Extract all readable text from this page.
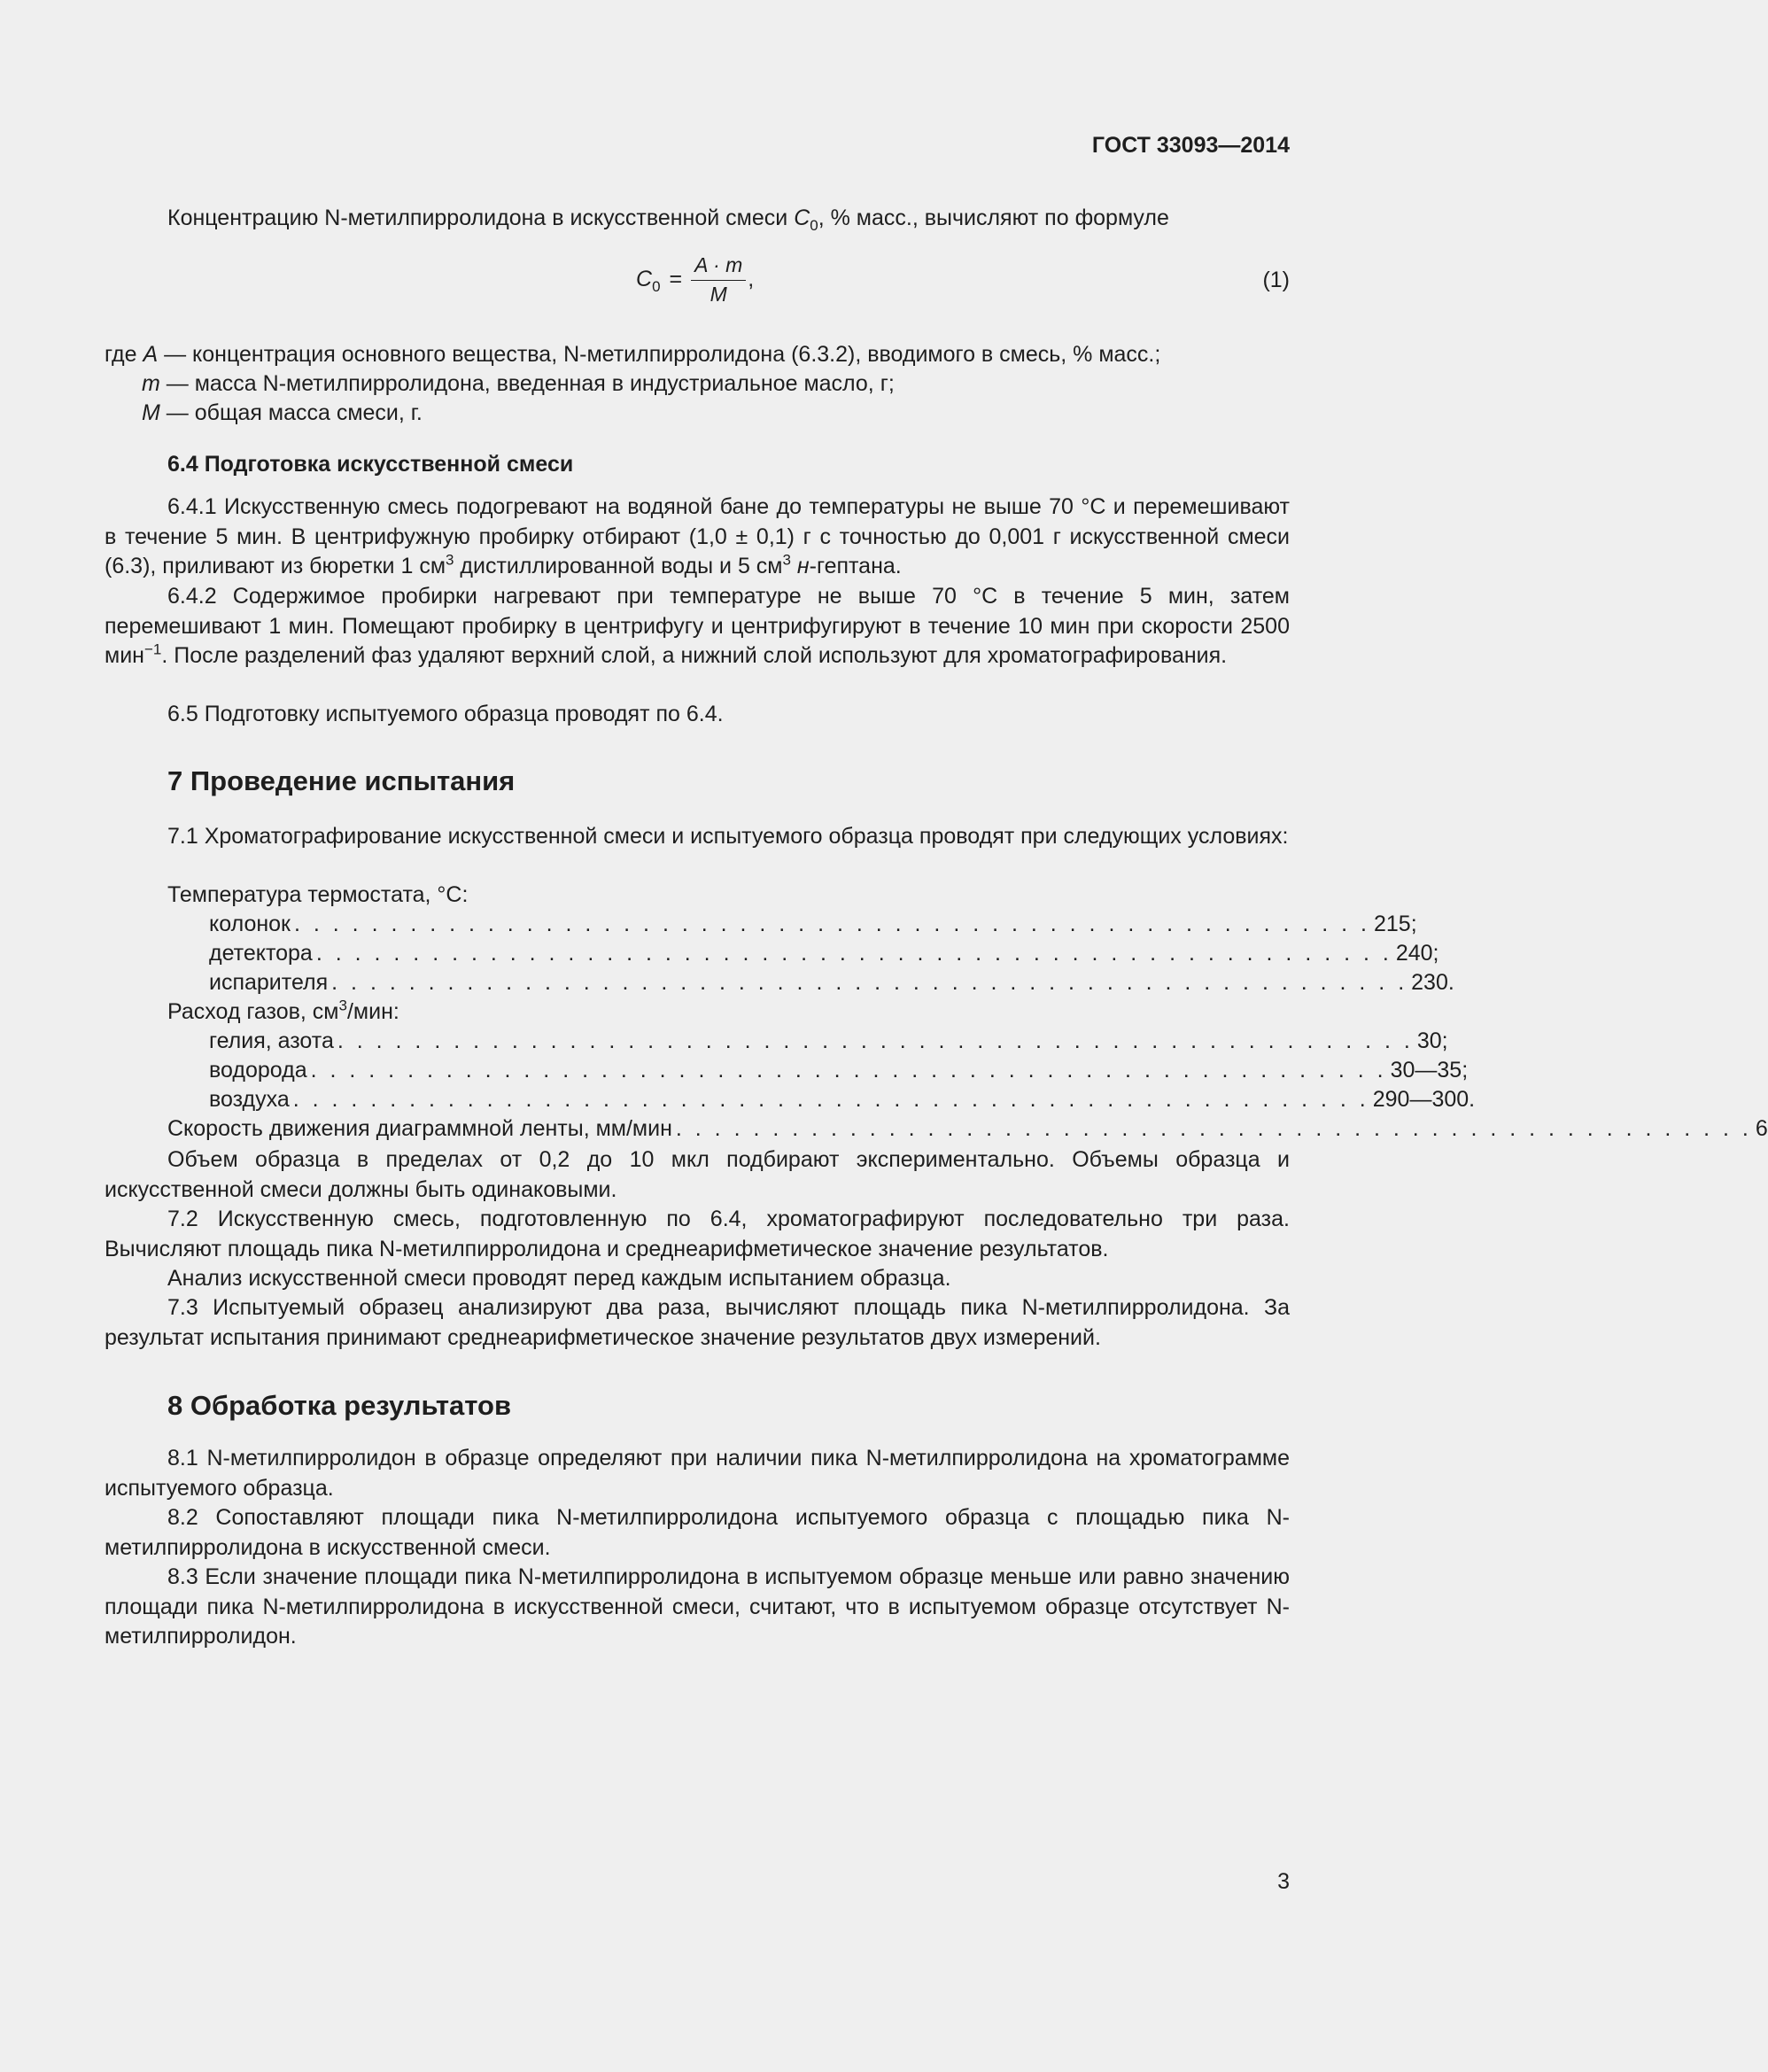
ГОСТ 33093—2014

Концентрацию N-метилпирролидона в искусственной смеси $C_0$, % масс., вычисляют по формуле

$C_0 = \frac{A \cdot m}{M}$ ,	(1)
где A — концентрация основного вещества, N-метилпирролидона (6.3.2), вводимого в смесь, % масс.;
m — масса N-метилпирролидона, введенная в индустриальное масло, г;
M — общая масса смеси, г.
6.4 Подготовка искусственной смеси

6.4.1 Искусственную смесь подогревают на водяной бане до температуры не выше 70 °С и перемешивают в течение 5 мин. В центрифужную пробирку отбирают (1,0 ± 0,1) г с точностью до 0,001 г искусственной смеси (6.3), приливают из бюретки 1 $см^3$ дистиллированной воды и 5 $см^3$ н-гептана.

6.4.2 Содержимое пробирки нагревают при температуре не выше 70 °С в течение 5 мин, затем перемешивают 1 мин. Помещают пробирку в центрифугу и центрифугируют в течение 10 мин при скорости 2500 мин$^{-1}$. После разделений фаз удаляют верхний слой, а нижний слой используют для хроматографирования.

6.5 Подготовку испытуемого образца проводят по 6.4.

7 Проведение испытания

7.1 Хроматографирование искусственной смеси и испытуемого образца проводят при следующих условиях:

Температура термостата, °С:
колонок . . . . . . . . . . . . . . . . . . . . . . . . . . . . . . . . . . . . . . . . . . . . . . . . . . . . . . . . 215;
детектора . . . . . . . . . . . . . . . . . . . . . . . . . . . . . . . . . . . . . . . . . . . . . . . . . . . . . . . . 240;
испарителя . . . . . . . . . . . . . . . . . . . . . . . . . . . . . . . . . . . . . . . . . . . . . . . . . . . . . . . . 230.
Расход газов, $см^3$/мин:
гелия, азота . . . . . . . . . . . . . . . . . . . . . . . . . . . . . . . . . . . . . . . . . . . . . . . . . . . . . . . . 30;
водорода . . . . . . . . . . . . . . . . . . . . . . . . . . . . . . . . . . . . . . . . . . . . . . . . . . . . . . . . 30—35;
воздуха . . . . . . . . . . . . . . . . . . . . . . . . . . . . . . . . . . . . . . . . . . . . . . . . . . . . . . . . 290—300.
Скорость движения диаграммной ленты, мм/мин . . . . . . . . . . . . . . . . . . . . . . . . . . . . . . . . . . . . . . . . . . . . . . . . . . . . . . . . 6

Объем образца в пределах от 0,2 до 10 мкл подбирают экспериментально. Объемы образца и искусственной смеси должны быть одинаковыми.

7.2 Искусственную смесь, подготовленную по 6.4, хроматографируют последовательно три раза. Вычисляют площадь пика N-метилпирролидона и среднеарифметическое значение результатов.

Анализ искусственной смеси проводят перед каждым испытанием образца.

7.3 Испытуемый образец анализируют два раза, вычисляют площадь пика N-метилпирролидона. За результат испытания принимают среднеарифметическое значение результатов двух измерений.

8 Обработка результатов

8.1 N-метилпирролидон в образце определяют при наличии пика N-метилпирролидона на хроматограмме испытуемого образца.

8.2 Сопоставляют площади пика N-метилпирролидона испытуемого образца с площадью пика N-метилпирролидона в искусственной смеси.

8.3 Если значение площади пика N-метилпирролидона в испытуемом образце меньше или равно значению площади пика N-метилпирролидона в искусственной смеси, считают, что в испытуемом образце отсутствует N-метилпирролидон.

3
